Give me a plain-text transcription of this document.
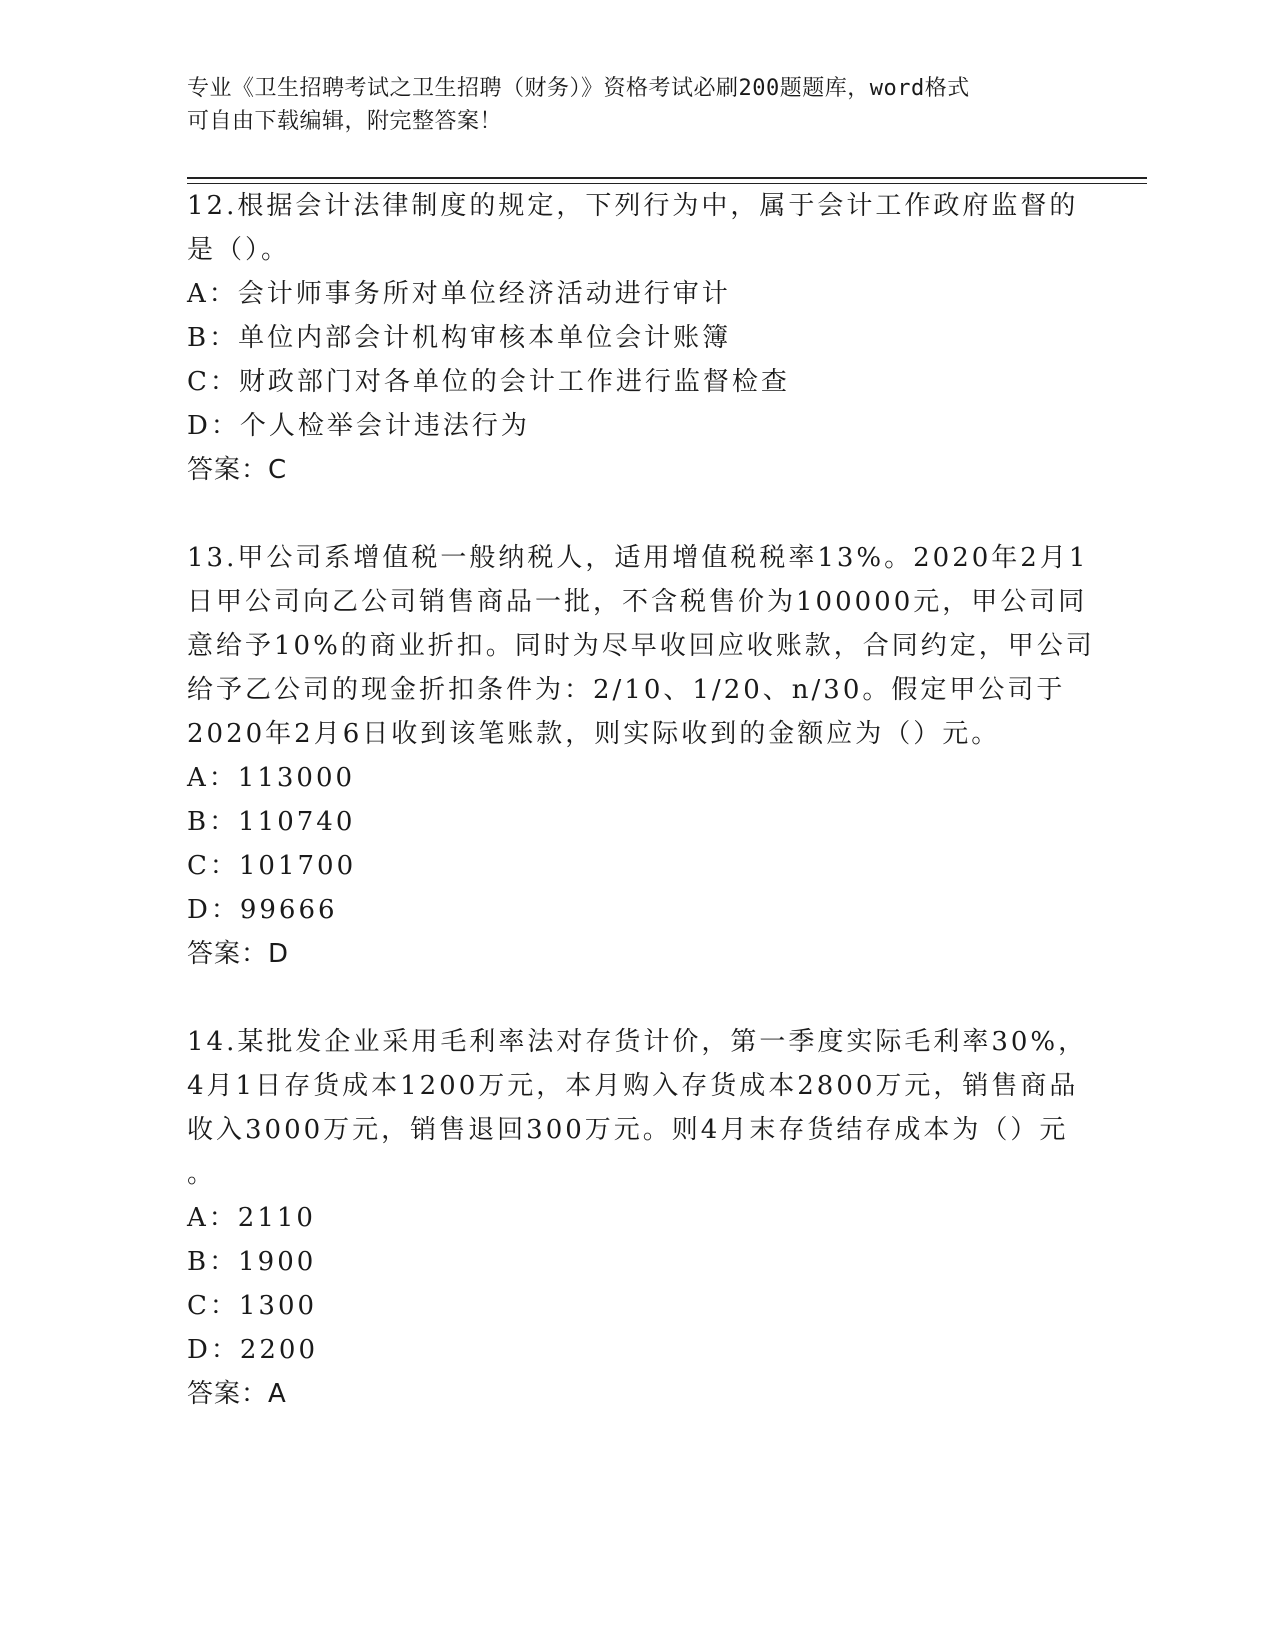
专业《卫生招聘考试之卫生招聘（财务）》资格考试必刷200题题库，word格式
可自由下载编辑，附完整答案！
12.根据会计法律制度的规定，下列行为中，属于会计工作政府监督的
是（）。
A：会计师事务所对单位经济活动进行审计
B：单位内部会计机构审核本单位会计账簿
C：财政部门对各单位的会计工作进行监督检查
D：个人检举会计违法行为
答案：C
13.甲公司系增值税一般纳税人，适用增值税税率13%。2020年2月1
日甲公司向乙公司销售商品一批，不含税售价为100000元，甲公司同
意给予10%的商业折扣。同时为尽早收回应收账款，合同约定，甲公司
给予乙公司的现金折扣条件为：2/10、1/20、n/30。假定甲公司于
2020年2月6日收到该笔账款，则实际收到的金额应为（）元。
A：113000
B：110740
C：101700
D：99666
答案：D
14.某批发企业采用毛利率法对存货计价，第一季度实际毛利率30%，
4月1日存货成本1200万元，本月购入存货成本2800万元，销售商品
收入3000万元，销售退回300万元。则4月末存货结存成本为（）元
。
A：2110
B：1900
C：1300
D：2200
答案：A
